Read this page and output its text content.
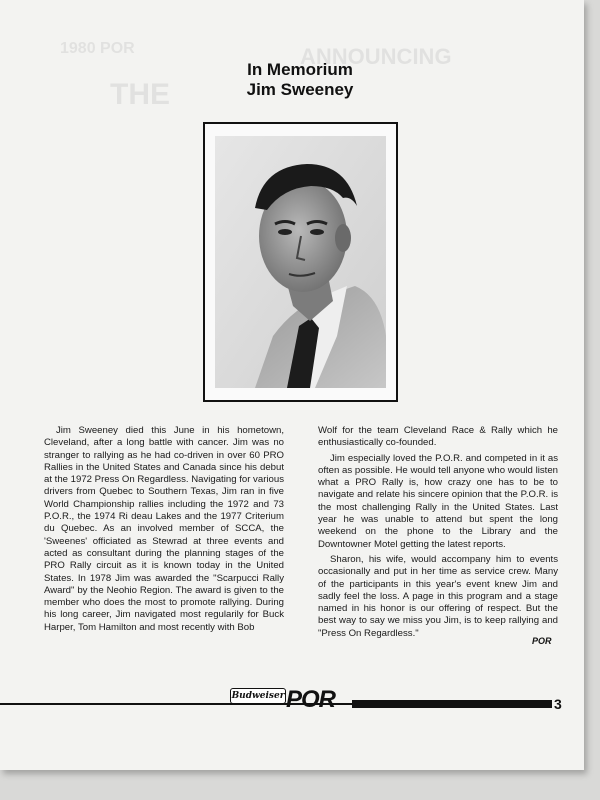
ANNOUNCING
1980 POR
THE
In Memorium
Jim Sweeney

Jim Sweeney died this June in his hometown, Cleveland, after a long battle with cancer. Jim was no stranger to rallying as he had co-driven in over 60 PRO Rallies in the United States and Canada since his debut at the 1972 Press On Regardless. Navigating for various drivers from Quebec to Southern Texas, Jim ran in five World Championship rallies including the 1972 and 73 P.O.R., the 1974 Ri deau Lakes and the 1977 Criterium du Quebec. As an involved member of SCCA, the 'Sweenes' officiated as Stewrad at three events and acted as consultant during the planning stages of the PRO Rally circuit as it is known today in the United States. In 1978 Jim was awarded the "Scarpucci Rally Award" by the Neohio Region. The award is given to the member who does the most to promote rallying. During his long career, Jim navigated most regularily for Buck Harper, Tom Hamilton and most recently with Bob

Wolf for the team Cleveland Race & Rally which he enthusiastically co-founded.

Jim especially loved the P.O.R. and competed in it as often as possible. He would tell anyone who would listen what a PRO Rally is, how crazy one has to be to navigate and relate his sincere opinion that the P.O.R. is the most challenging Rally in the United States. Last year he was unable to attend but spent the long weekend on the phone to the Library and the Downtowner Motel getting the latest reports.

Sharon, his wife, would accompany him to events occasionally and put in her time as service crew. Many of the participants in this year's event knew Jim and sadly feel the loss. A page in this program and a stage named in his honor is our offering of respect. But the best way to say we miss you Jim, is to keep rallying and "Press On Regardless."

POR
Budweiser POR	3
